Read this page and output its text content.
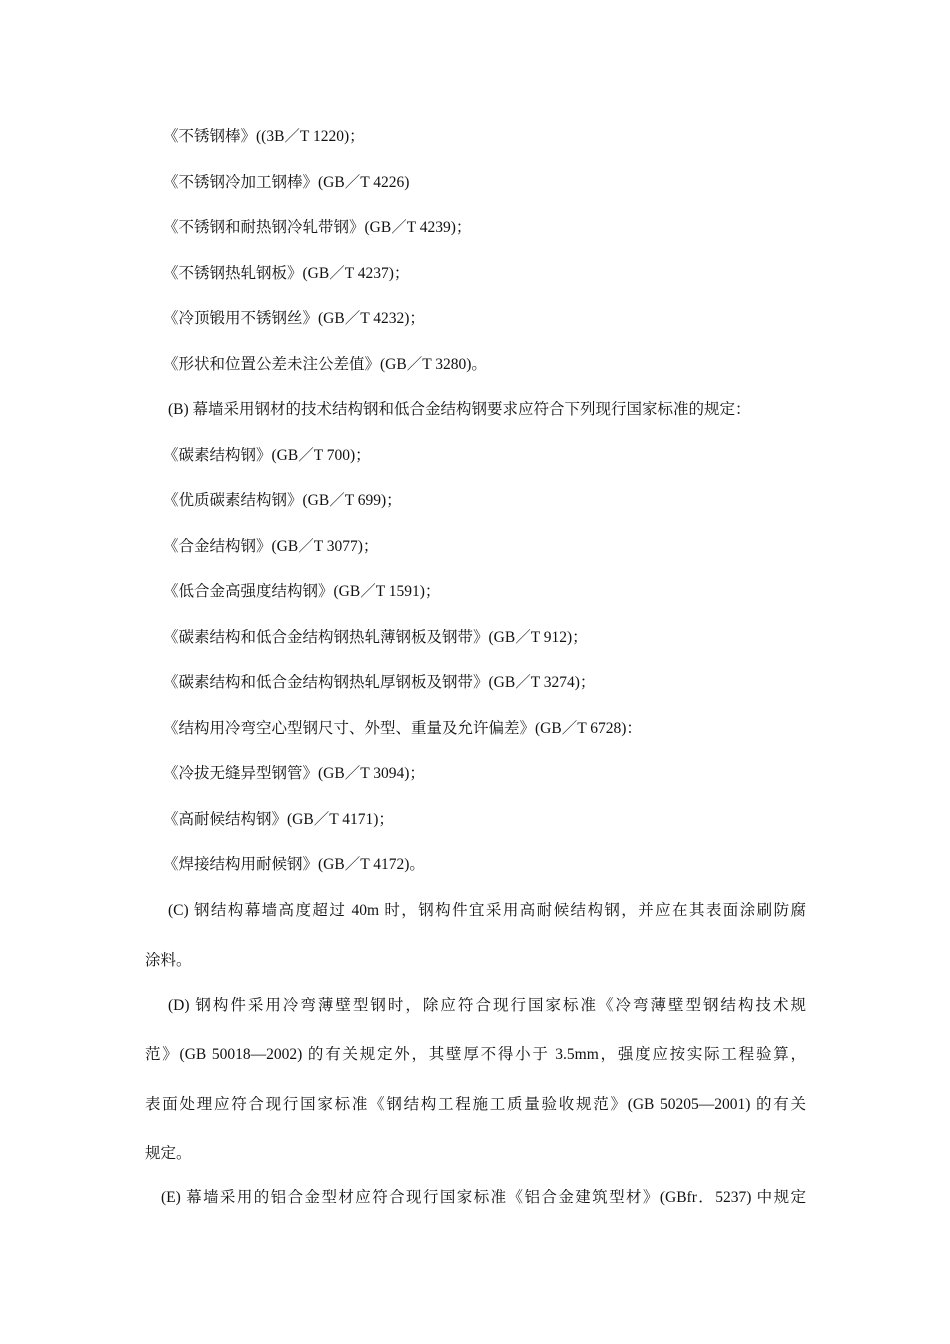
《不锈钢棒》((3B／T 1220)；
《不锈钢冷加工钢棒》(GB／T 4226)
《不锈钢和耐热钢冷轧带钢》(GB／T 4239)；
《不锈钢热轧钢板》(GB／T 4237)；
《冷顶锻用不锈钢丝》(GB／T 4232)；
《形状和位置公差未注公差值》(GB／T 3280)。
(B) 幕墙采用钢材的技术结构钢和低合金结构钢要求应符合下列现行国家标准的规定：
《碳素结构钢》(GB／T 700)；
《优质碳素结构钢》(GB／T 699)；
《合金结构钢》(GB／T 3077)；
《低合金高强度结构钢》(GB／T 1591)；
《碳素结构和低合金结构钢热轧薄钢板及钢带》(GB／T 912)；
《碳素结构和低合金结构钢热轧厚钢板及钢带》(GB／T 3274)；
《结构用冷弯空心型钢尺寸、外型、重量及允许偏差》(GB／T 6728)：
《冷拔无缝异型钢管》(GB／T 3094)；
《高耐候结构钢》(GB／T 4171)；
《焊接结构用耐候钢》(GB／T 4172)。
(C) 钢结构幕墙高度超过 40m 时，钢构件宜采用高耐候结构钢，并应在其表面涂刷防腐
涂料。
(D) 钢构件采用冷弯薄壁型钢时，除应符合现行国家标准《冷弯薄壁型钢结构技术规
范》(GB 50018—2002) 的有关规定外，其壁厚不得小于 3.5mm，强度应按实际工程验算，
表面处理应符合现行国家标准《钢结构工程施工质量验收规范》(GB 50205—2001) 的有关
规定。
(E) 幕墙采用的铝合金型材应符合现行国家标准《铝合金建筑型材》(GBfr．5237) 中规定
